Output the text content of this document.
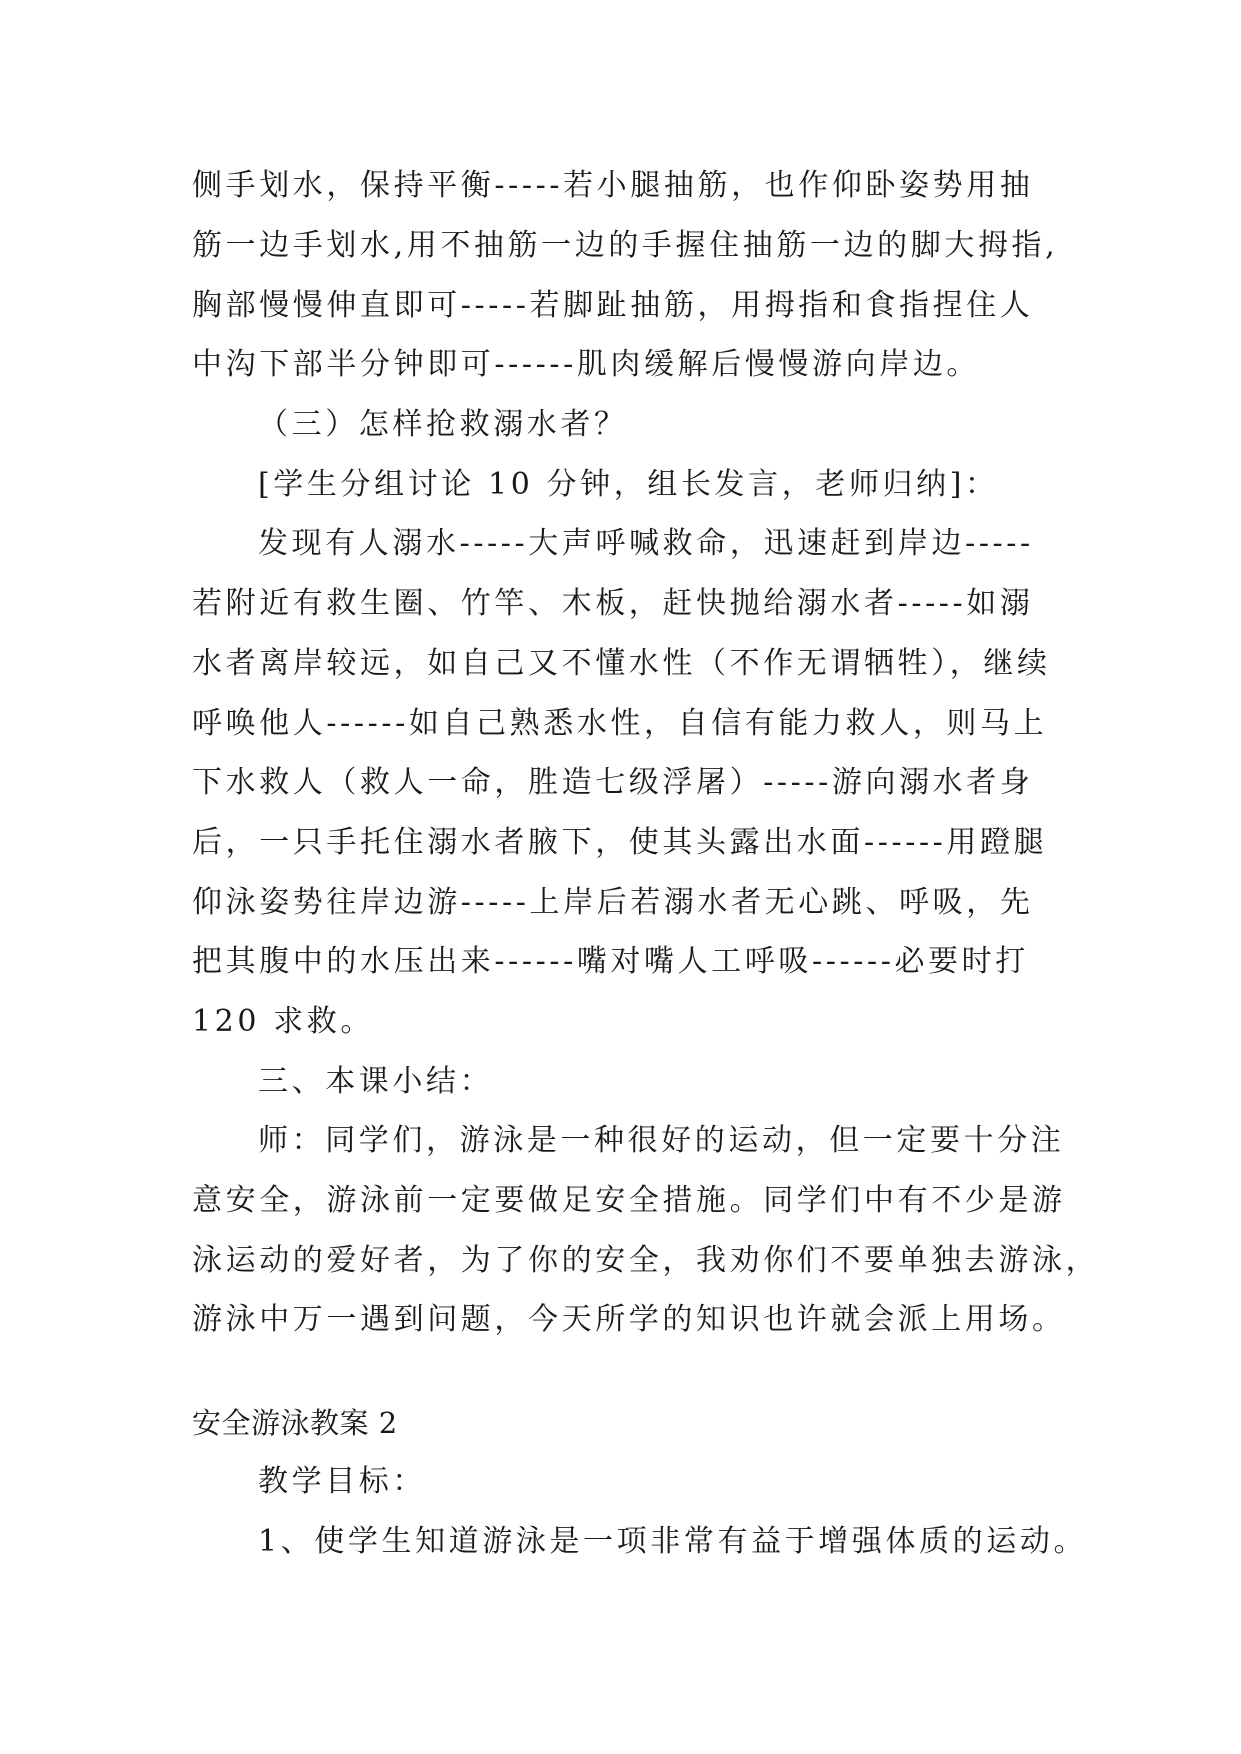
侧手划水，保持平衡-----若小腿抽筋，也作仰卧姿势用抽
筋一边手划水,用不抽筋一边的手握住抽筋一边的脚大拇指,
胸部慢慢伸直即可-----若脚趾抽筋，用拇指和食指捏住人
中沟下部半分钟即可------肌肉缓解后慢慢游向岸边。
（三）怎样抢救溺水者？
[学生分组讨论 10 分钟，组长发言，老师归纳]：
发现有人溺水-----大声呼喊救命，迅速赶到岸边-----
若附近有救生圈、竹竿、木板，赶快抛给溺水者-----如溺
水者离岸较远，如自己又不懂水性（不作无谓牺牲），继续
呼唤他人------如自己熟悉水性，自信有能力救人，则马上
下水救人（救人一命，胜造七级浮屠）-----游向溺水者身
后，一只手托住溺水者腋下，使其头露出水面------用蹬腿
仰泳姿势往岸边游-----上岸后若溺水者无心跳、呼吸，先
把其腹中的水压出来------嘴对嘴人工呼吸------必要时打
120 求救。
三、本课小结：
师：同学们，游泳是一种很好的运动，但一定要十分注
意安全，游泳前一定要做足安全措施。同学们中有不少是游
泳运动的爱好者，为了你的安全，我劝你们不要单独去游泳，
游泳中万一遇到问题，今天所学的知识也许就会派上用场。
安全游泳教案 2
教学目标：
1、使学生知道游泳是一项非常有益于增强体质的运动。
